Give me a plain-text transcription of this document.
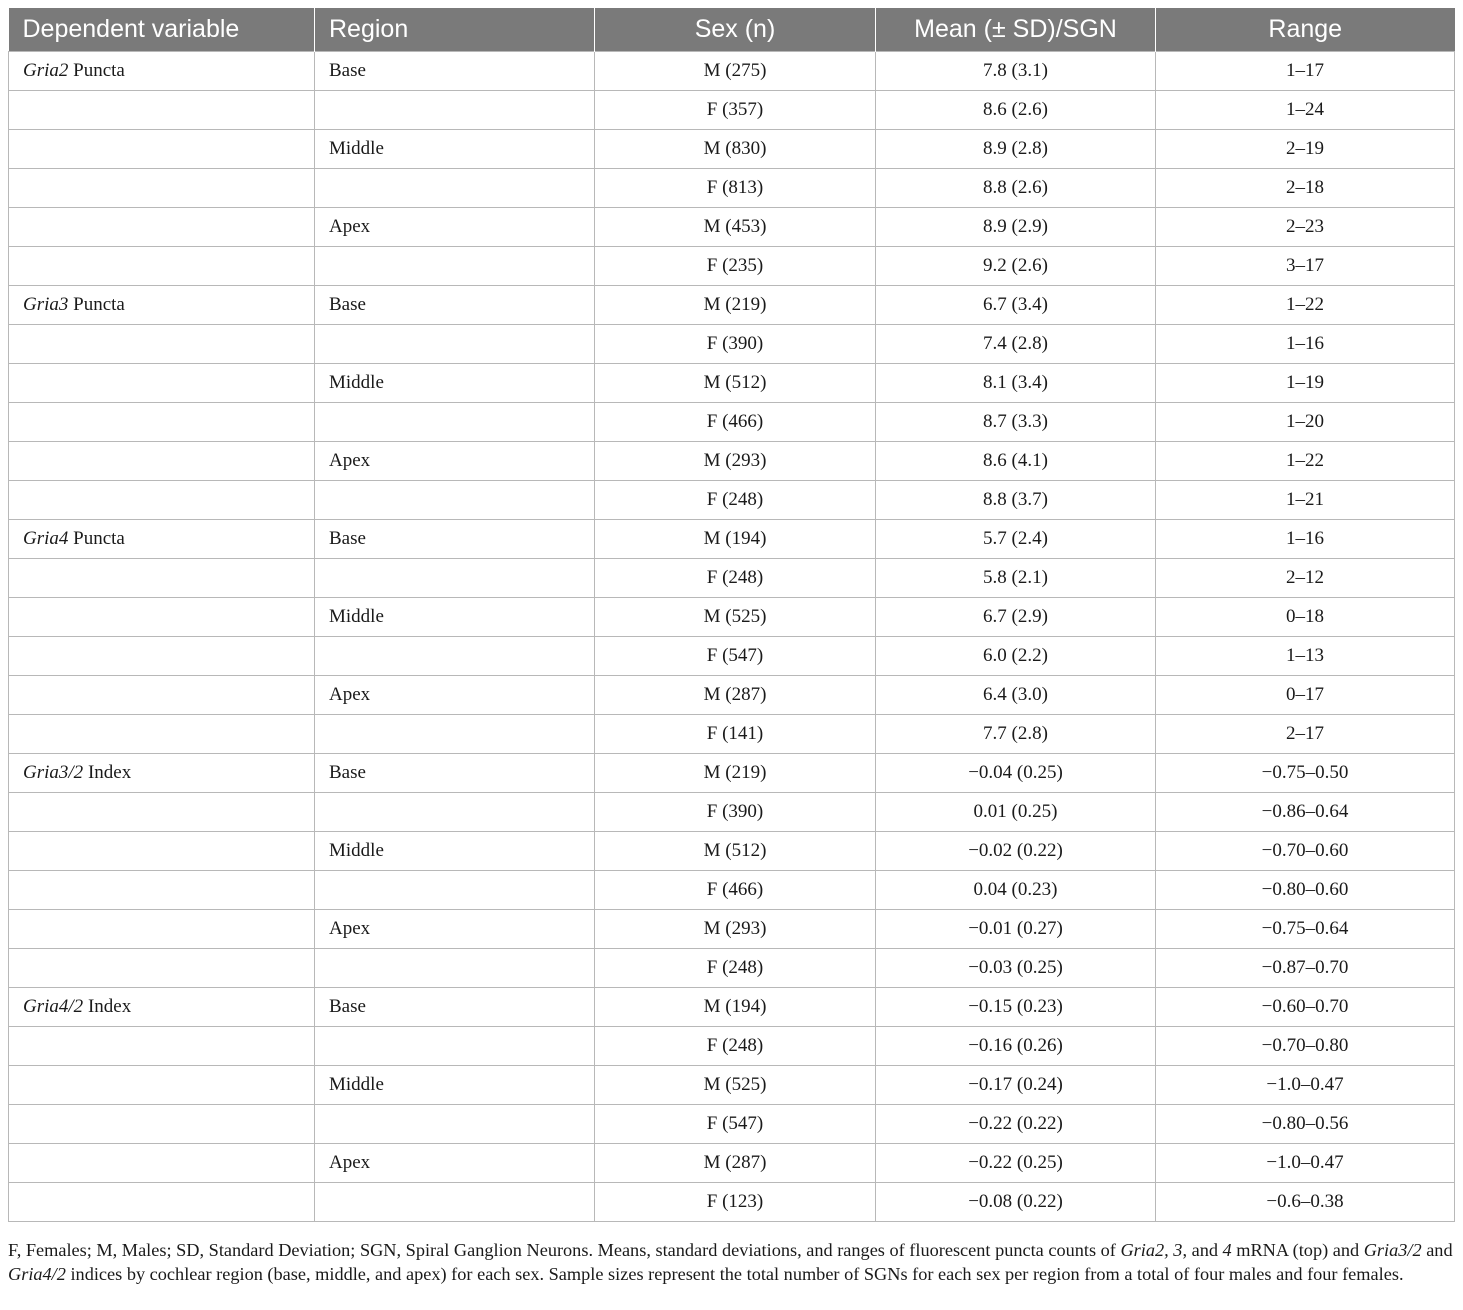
Dependent variable	Region	Sex (n)	Mean (± SD)/SGN	Range
Gria2 Puncta	Base	M (275)	7.8 (3.1)	1–17
		F (357)	8.6 (2.6)	1–24
	Middle	M (830)	8.9 (2.8)	2–19
		F (813)	8.8 (2.6)	2–18
	Apex	M (453)	8.9 (2.9)	2–23
		F (235)	9.2 (2.6)	3–17
Gria3 Puncta	Base	M (219)	6.7 (3.4)	1–22
		F (390)	7.4 (2.8)	1–16
	Middle	M (512)	8.1 (3.4)	1–19
		F (466)	8.7 (3.3)	1–20
	Apex	M (293)	8.6 (4.1)	1–22
		F (248)	8.8 (3.7)	1–21
Gria4 Puncta	Base	M (194)	5.7 (2.4)	1–16
		F (248)	5.8 (2.1)	2–12
	Middle	M (525)	6.7 (2.9)	0–18
		F (547)	6.0 (2.2)	1–13
	Apex	M (287)	6.4 (3.0)	0–17
		F (141)	7.7 (2.8)	2–17
Gria3/2 Index	Base	M (219)	−0.04 (0.25)	−0.75–0.50
		F (390)	0.01 (0.25)	−0.86–0.64
	Middle	M (512)	−0.02 (0.22)	−0.70–0.60
		F (466)	0.04 (0.23)	−0.80–0.60
	Apex	M (293)	−0.01 (0.27)	−0.75–0.64
		F (248)	−0.03 (0.25)	−0.87–0.70
Gria4/2 Index	Base	M (194)	−0.15 (0.23)	−0.60–0.70
		F (248)	−0.16 (0.26)	−0.70–0.80
	Middle	M (525)	−0.17 (0.24)	−1.0–0.47
		F (547)	−0.22 (0.22)	−0.80–0.56
	Apex	M (287)	−0.22 (0.25)	−1.0–0.47
		F (123)	−0.08 (0.22)	−0.6–0.38
F, Females; M, Males; SD, Standard Deviation; SGN, Spiral Ganglion Neurons. Means, standard deviations, and ranges of fluorescent puncta counts of Gria2, 3, and 4 mRNA (top) and Gria3/2 and Gria4/2 indices by cochlear region (base, middle, and apex) for each sex. Sample sizes represent the total number of SGNs for each sex per region from a total of four males and four females.
